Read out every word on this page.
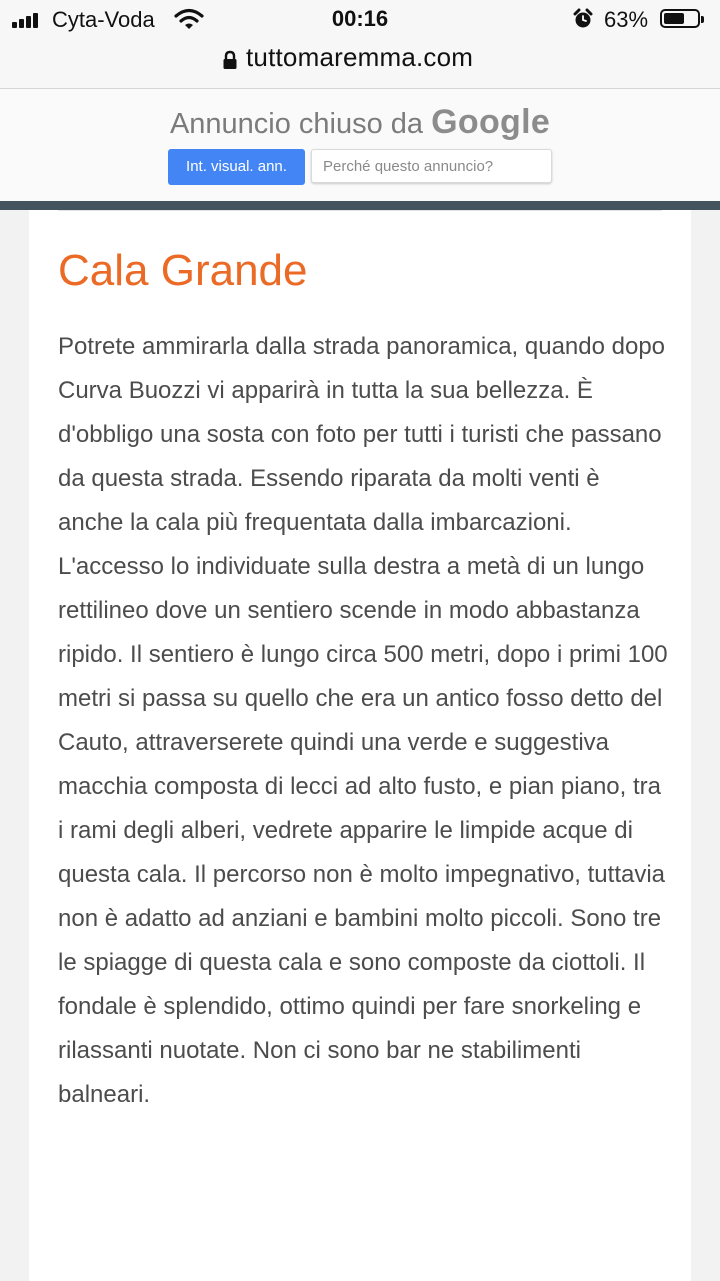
Cyta-Voda	00:16	63%
tuttomaremma.com
Annuncio chiuso da Google
Int. visual. ann.	Perché questo annuncio?
Cala Grande

Potrete ammirarla dalla strada panoramica, quando dopo Curva Buozzi vi apparirà in tutta la sua bellezza. È d'obbligo una sosta con foto per tutti i turisti che passano da questa strada. Essendo riparata da molti venti è anche la cala più frequentata dalla imbarcazioni. L'accesso lo individuate sulla destra a metà di un lungo rettilineo dove un sentiero scende in modo abbastanza ripido. Il sentiero è lungo circa 500 metri, dopo i primi 100 metri si passa su quello che era un antico fosso detto del Cauto, attraverserete quindi una verde e suggestiva macchia composta di lecci ad alto fusto, e pian piano, tra i rami degli alberi, vedrete apparire le limpide acque di questa cala. Il percorso non è molto impegnativo, tuttavia non è adatto ad anziani e bambini molto piccoli. Sono tre le spiagge di questa cala e sono composte da ciottoli. Il fondale è splendido, ottimo quindi per fare snorkeling e rilassanti nuotate. Non ci sono bar ne stabilimenti balneari.
